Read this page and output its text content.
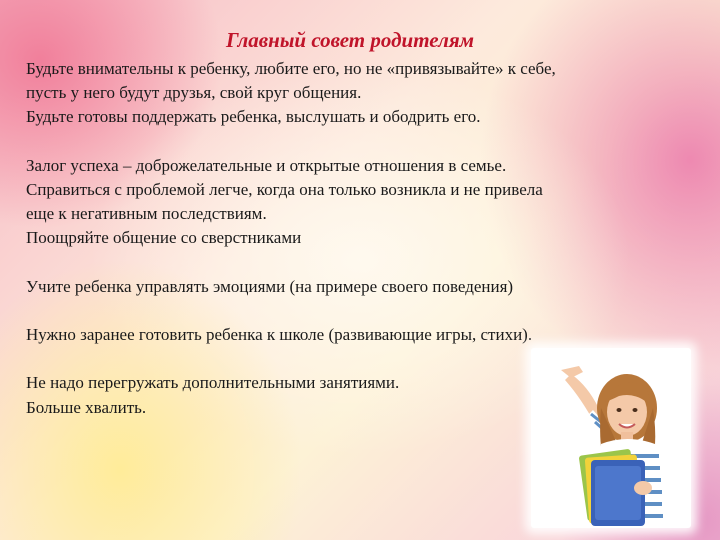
Главный совет родителям
Будьте внимательны к ребенку, любите его, но не «привязывайте» к себе,
пусть у него будут друзья, свой круг общения.
Будьте готовы поддержать ребенка, выслушать и ободрить его.
Залог успеха – доброжелательные и открытые отношения в семье.
Справиться с проблемой легче, когда она только возникла и не привела
еще к негативным последствиям.
Поощряйте общение со сверстниками
Учите ребенка управлять эмоциями (на примере своего поведения)
Нужно заранее готовить ребенка к школе (развивающие игры, стихи).
Не надо перегружать дополнительными занятиями.
Больше хвалить.
